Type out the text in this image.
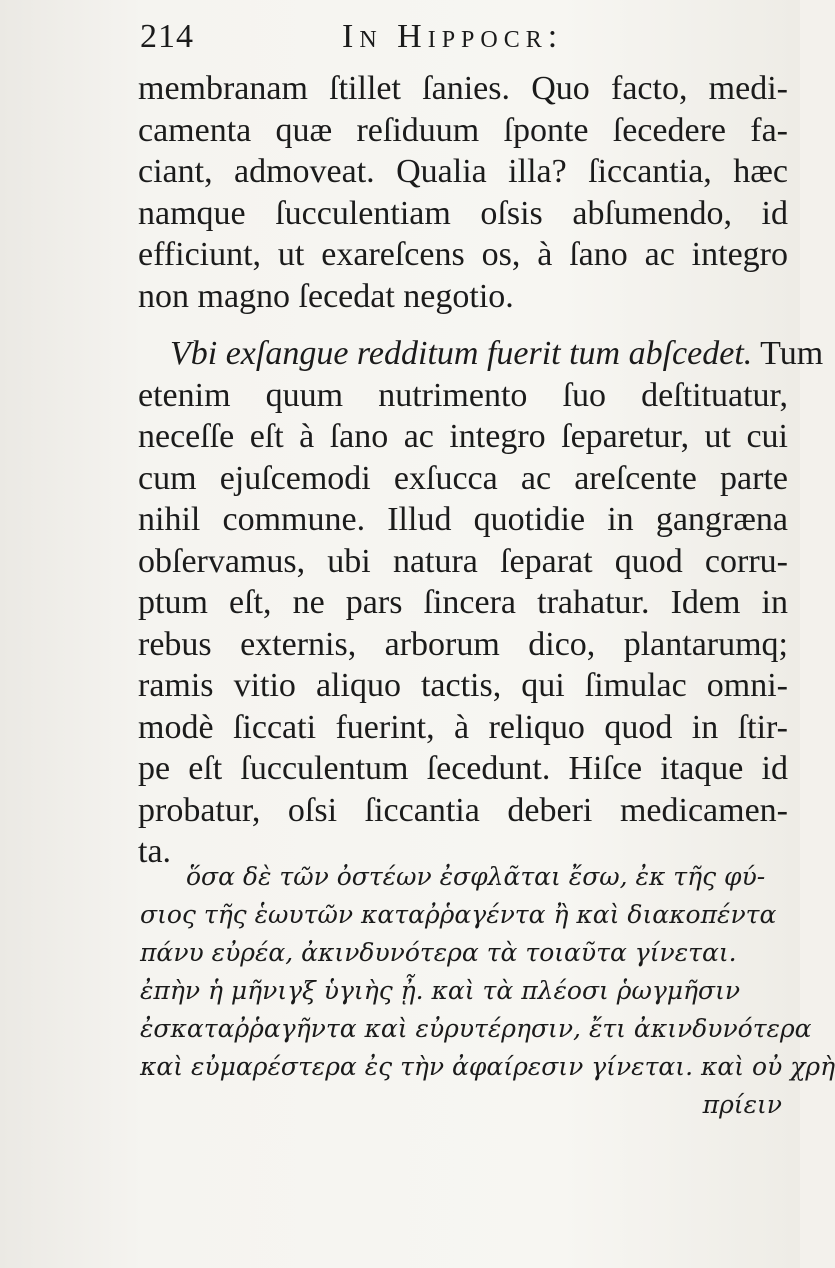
214	In Hippocr:
membranam ſtillet ſanies. Quo facto, medi-
camenta quæ reſiduum ſponte ſecedere fa-
ciant, admoveat. Qualia illa? ſiccantia, hæc
namque ſucculentiam oſsis abſumendo, id
efficiunt, ut exareſcens os, à ſano ac integro
non magno ſecedat negotio.
Vbi exſangue redditum fuerit tum abſcedet. Tum
etenim quum nutrimento ſuo deſtituatur,
neceſſe eſt à ſano ac integro ſeparetur, ut cui
cum ejuſcemodi exſucca ac areſcente parte
nihil commune. Illud quotidie in gangræna
obſervamus, ubi natura ſeparat quod corru-
ptum eſt, ne pars ſincera trahatur. Idem in
rebus externis, arborum dico, plantarumq;
ramis vitio aliquo tactis, qui ſimulac omni-
modè ſiccati fuerint, à reliquo quod in ſtir-
pe eſt ſucculentum ſecedunt. Hiſce itaque id
probatur, oſsi ſiccantia deberi medicamen-
ta.
ὅσα δὲ τῶν ὀστέων ἐσφλᾶται ἔσω, ἐκ τῆς φύ-
σιος τῆς ἑωυτῶν καταῤῥαγέντα ἢ καὶ διακοπέντα
πάνυ εὐρέα, ἀκινδυνότερα τὰ τοιαῦτα γίνεται.
ἐπὴν ἡ μῆνιγξ ὑγιὴς ᾖ. καὶ τὰ πλέοσι ῥωγμῆσιν
ἐσκαταῤῥαγῆντα καὶ εὐρυτέρησιν, ἔτι ἀκινδυνότερα
καὶ εὐμαρέστερα ἐς τὴν ἀφαίρεσιν γίνεται. καὶ οὐ χρὴ
πρίειν
